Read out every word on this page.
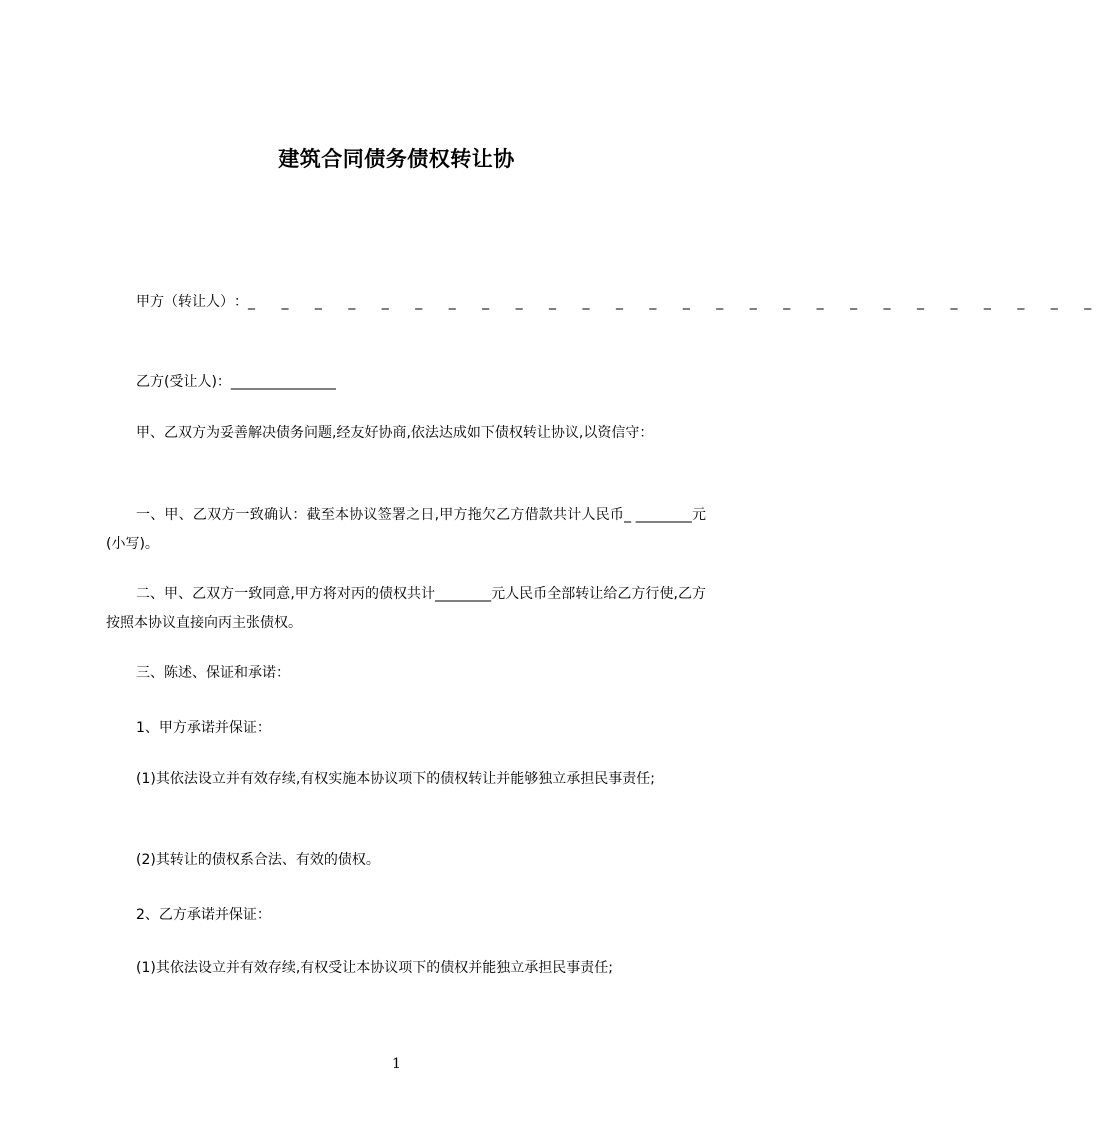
建筑合同债务债权转让协
甲 方 （ 转 让 人 ） ： _ _ _ _ _ _ _ _ _ _ _ _ _ _ _ _ _ _ _ _ _ _ _ _ _ _
乙方(受让人)：_______________
甲、乙双方为妥善解决债务问题,经友好协商,依法达成如下债权转让协议,以资信守：
一、甲、乙双方一致确认：截至本协议签署之日,甲方拖欠乙方借款共计人民币_ ________元(小写)。
二、甲、乙双方一致同意,甲方将对丙的债权共计________元人民币全部转让给乙方行使,乙方按照本协议直接向丙主张债权。
三、陈述、保证和承诺：
1、甲方承诺并保证：
(1)其依法设立并有效存续,有权实施本协议项下的债权转让并能够独立承担民事责任;
(2)其转让的债权系合法、有效的债权。
2、乙方承诺并保证：
(1)其依法设立并有效存续,有权受让本协议项下的债权并能独立承担民事责任;
1
